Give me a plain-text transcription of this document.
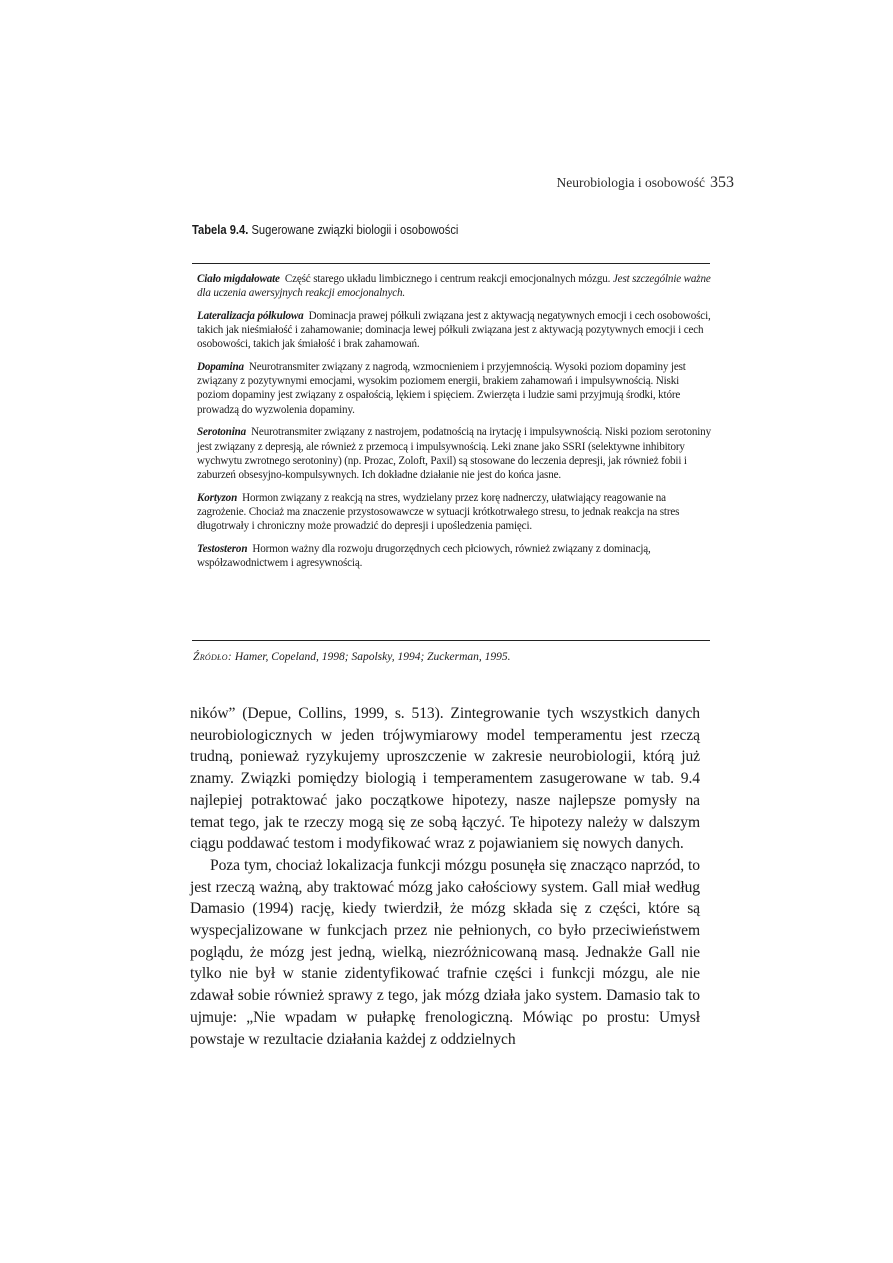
Neurobiologia i osobowość 353
Tabela 9.4. Sugerowane związki biologii i osobowości
Ciało migdałowate Część starego układu limbicznego i centrum reakcji emocjonalnych mózgu. Jest szczególnie ważne dla uczenia awersyjnych reakcji emocjonalnych.
Lateralizacja półkulowa Dominacja prawej półkuli związana jest z aktywacją negatywnych emocji i cech osobowości, takich jak nieśmiałość i zahamowanie; dominacja lewej półkuli związana jest z aktywacją pozytywnych emocji i cech osobowości, takich jak śmiałość i brak zahamowań.
Dopamina Neurotransmiter związany z nagrodą, wzmocnieniem i przyjemnością. Wysoki poziom dopaminy jest związany z pozytywnymi emocjami, wysokim poziomem energii, brakiem zahamowań i impulsywnością. Niski poziom dopaminy jest związany z ospałością, lękiem i spięciem. Zwierzęta i ludzie sami przyjmują środki, które prowadzą do wyzwolenia dopaminy.
Serotonina Neurotransmiter związany z nastrojem, podatnością na irytację i impulsywnością. Niski poziom serotoniny jest związany z depresją, ale również z przemocą i impulsywnością. Leki znane jako SSRI (selektywne inhibitory wychwytu zwrotnego serotoniny) (np. Prozac, Zoloft, Paxil) są stosowane do leczenia depresji, jak również fobii i zaburzeń obsesyjno-kompulsywnych. Ich dokładne działanie nie jest do końca jasne.
Kortyzon Hormon związany z reakcją na stres, wydzielany przez korę nadnerczy, ułatwiający reagowanie na zagrożenie. Chociaż ma znaczenie przystosowawcze w sytuacji krótkotrwałego stresu, to jednak reakcja na stres długotrwały i chroniczny może prowadzić do depresji i upośledzenia pamięci.
Testosteron Hormon ważny dla rozwoju drugorzędnych cech płciowych, również związany z dominacją, współzawodnictwem i agresywnością.
Źródło: Hamer, Copeland, 1998; Sapolsky, 1994; Zuckerman, 1995.

ników” (Depue, Collins, 1999, s. 513). Zintegrowanie tych wszystkich danych neurobiologicznych w jeden trójwymiarowy model temperamentu jest rzeczą trudną, ponieważ ryzykujemy uproszczenie w zakresie neurobiologii, którą już znamy. Związki pomiędzy biologią i temperamentem zasugerowane w tab. 9.4 najlepiej potraktować jako początkowe hipotezy, nasze najlepsze pomysły na temat tego, jak te rzeczy mogą się ze sobą łączyć. Te hipotezy należy w dalszym ciągu poddawać testom i modyfikować wraz z pojawianiem się nowych danych.

Poza tym, chociaż lokalizacja funkcji mózgu posunęła się znacząco naprzód, to jest rzeczą ważną, aby traktować mózg jako całościowy system. Gall miał według Damasio (1994) rację, kiedy twierdził, że mózg składa się z części, które są wyspecjalizowane w funkcjach przez nie pełnionych, co było przeciwieństwem poglądu, że mózg jest jedną, wielką, niezróżnicowaną masą. Jednakże Gall nie tylko nie był w stanie zidentyfikować trafnie części i funkcji mózgu, ale nie zdawał sobie również sprawy z tego, jak mózg działa jako system. Damasio tak to ujmuje: „Nie wpadam w pułapkę frenologiczną. Mówiąc po prostu: Umysł powstaje w rezultacie działania każdej z oddzielnych
